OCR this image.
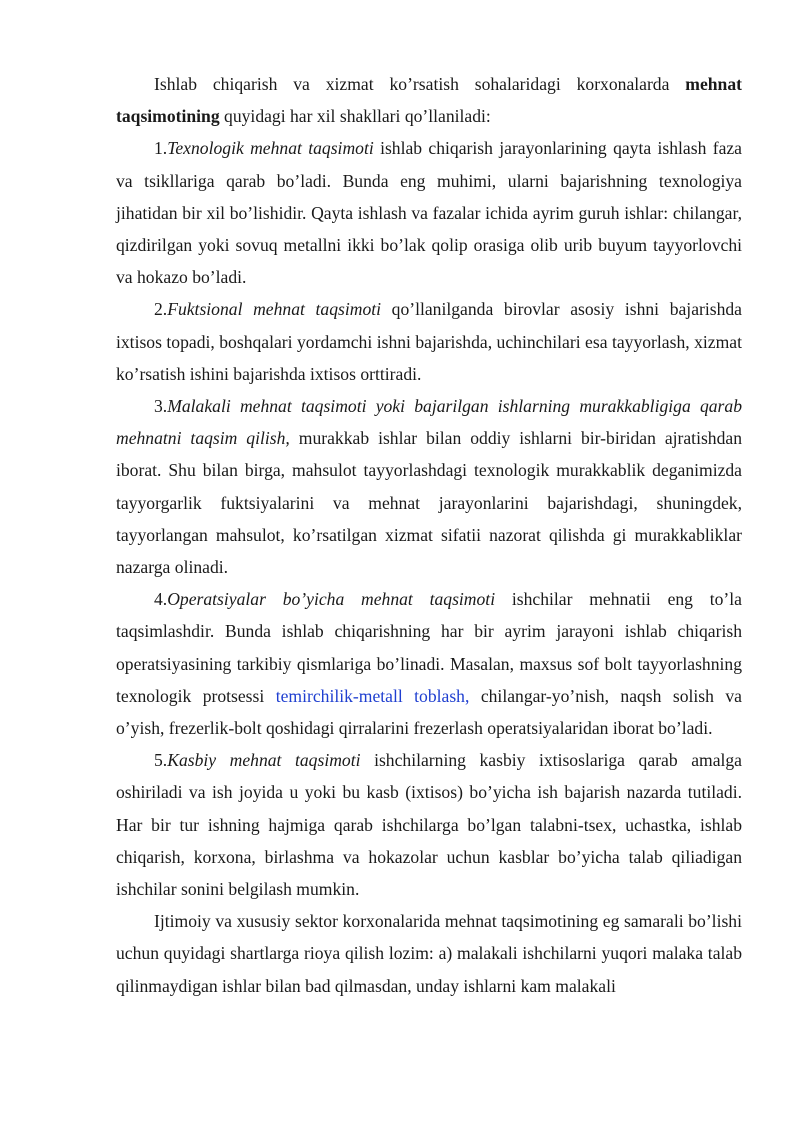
Ishlab chiqarish va xizmat ko’rsatish sohalaridagi korxonalarda mehnat taqsimotining quyidagi har xil shakllari qo’llaniladi:

1.Texnologik mehnat taqsimoti ishlab chiqarish jarayonlarining qayta ishlash faza va tsikllariga qarab bo’ladi. Bunda eng muhimi, ularni bajarishning texnologiya jihatidan bir xil bo’lishidir. Qayta ishlash va fazalar ichida ayrim guruh ishlar: chilangar, qizdirilgan yoki sovuq metallni ikki bo’lak qolip orasiga olib urib buyum tayyorlovchi va hokazo bo’ladi.

2.Fuktsional mehnat taqsimoti qo’llanilganda birovlar asosiy ishni bajarishda ixtisos topadi, boshqalari yordamchi ishni bajarishda, uchinchilari esa tayyorlash, xizmat ko’rsatish ishini bajarishda ixtisos orttiradi.

3.Malakali mehnat taqsimoti yoki bajarilgan ishlarning murakkabligiga qarab mehnatni taqsim qilish, murakkab ishlar bilan oddiy ishlarni bir-biridan ajratishdan iborat. Shu bilan birga, mahsulot tayyorlashdagi texnologik murakkablik deganimizda tayyorgarlik fuktsiyalarini va mehnat jarayonlarini bajarishdagi, shuningdek, tayyorlangan mahsulot, ko’rsatilgan xizmat sifatii nazorat qilishda gi murakkabliklar nazarga olinadi.

4.Operatsiyalar bo’yicha mehnat taqsimoti ishchilar mehnatii eng to’la taqsimlashdir. Bunda ishlab chiqarishning har bir ayrim jarayoni ishlab chiqarish operatsiyasining tarkibiy qismlariga bo’linadi. Masalan, maxsus sof bolt tayyorlashning texnologik protsessi temirchilik-metall toblash, chilangar-yo’nish, naqsh solish va o’yish, frezerlik-bolt qoshidagi qirralarini frezerlash operatsiyalaridan iborat bo’ladi.

5.Kasbiy mehnat taqsimoti ishchilarning kasbiy ixtisoslariga qarab amalga oshiriladi va ish joyida u yoki bu kasb (ixtiso​s) bo’yicha ish bajarish nazarda tutiladi. Har bir tur ishning hajmiga qarab ishchilarga bo’lgan talabni-tsex, uchastka, ishlab chiqarish, korxona, birlashma va hokazolar uchun kasblar bo’yicha talab qiliadigan ishchilar sonini belgilash mumkin.

Ijtimoiy va xususiy sektor korxonalarida mehnat taqsimotining eg samarali bo’lishi uchun quyidagi shartlarga rioya qilish lozim: a) malakali ishchilarni yuqori malaka talab qilinmaydigan ishlar bilan bad qilmasdan, unday ishlarni kam malakali
